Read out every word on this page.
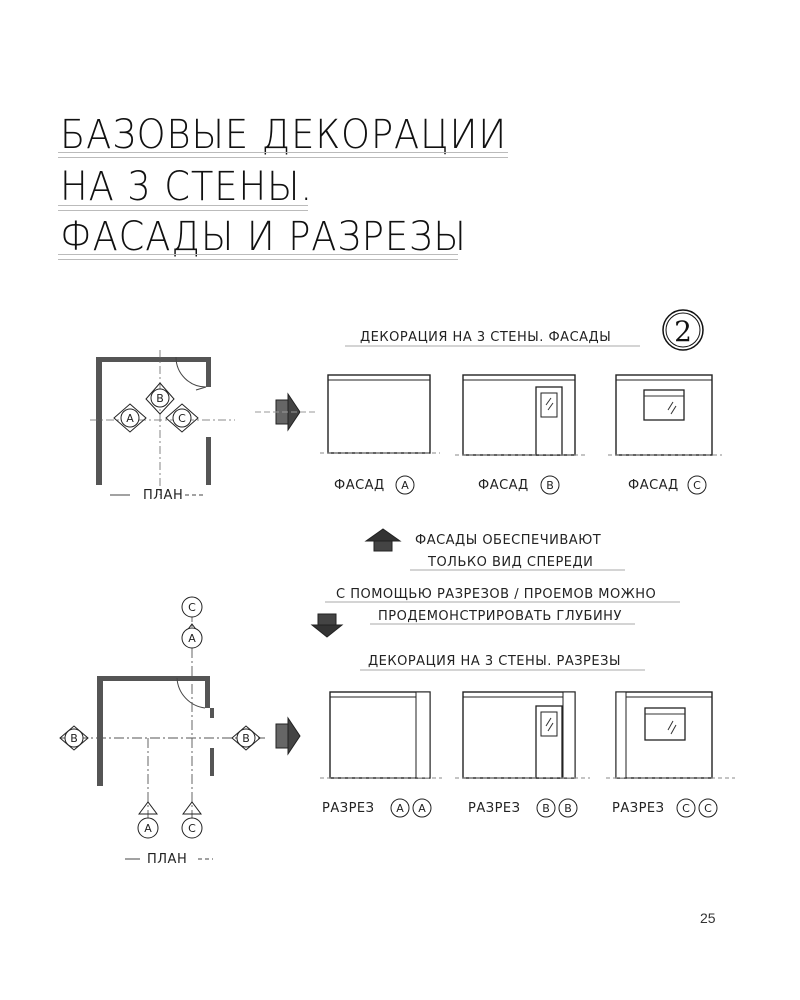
БАЗОВЫЕ ДЕКОРАЦИИ
НА 3 СТЕНЫ.
ФАСАДЫ И РАЗРЕЗЫ
2
ДЕКОРАЦИЯ НА 3 СТЕНЫ. ФАСАДЫ
A
B
C
ПЛАН
ФАСАД A	ФАСАД B	ФАСАД C
ФАСАДЫ ОБЕСПЕЧИВАЮТ
ТОЛЬКО ВИД СПЕРЕДИ
С ПОМОЩЬЮ РАЗРЕЗОВ / ПРОЕМОВ МОЖНО
ПРОДЕМОНСТРИРОВАТЬ ГЛУБИНУ
ДЕКОРАЦИЯ НА 3 СТЕНЫ. РАЗРЕЗЫ
C
A
B	B
A	C
ПЛАН
РАЗРЕЗ A A	РАЗРЕЗ B B	РАЗРЕЗ C C
25
